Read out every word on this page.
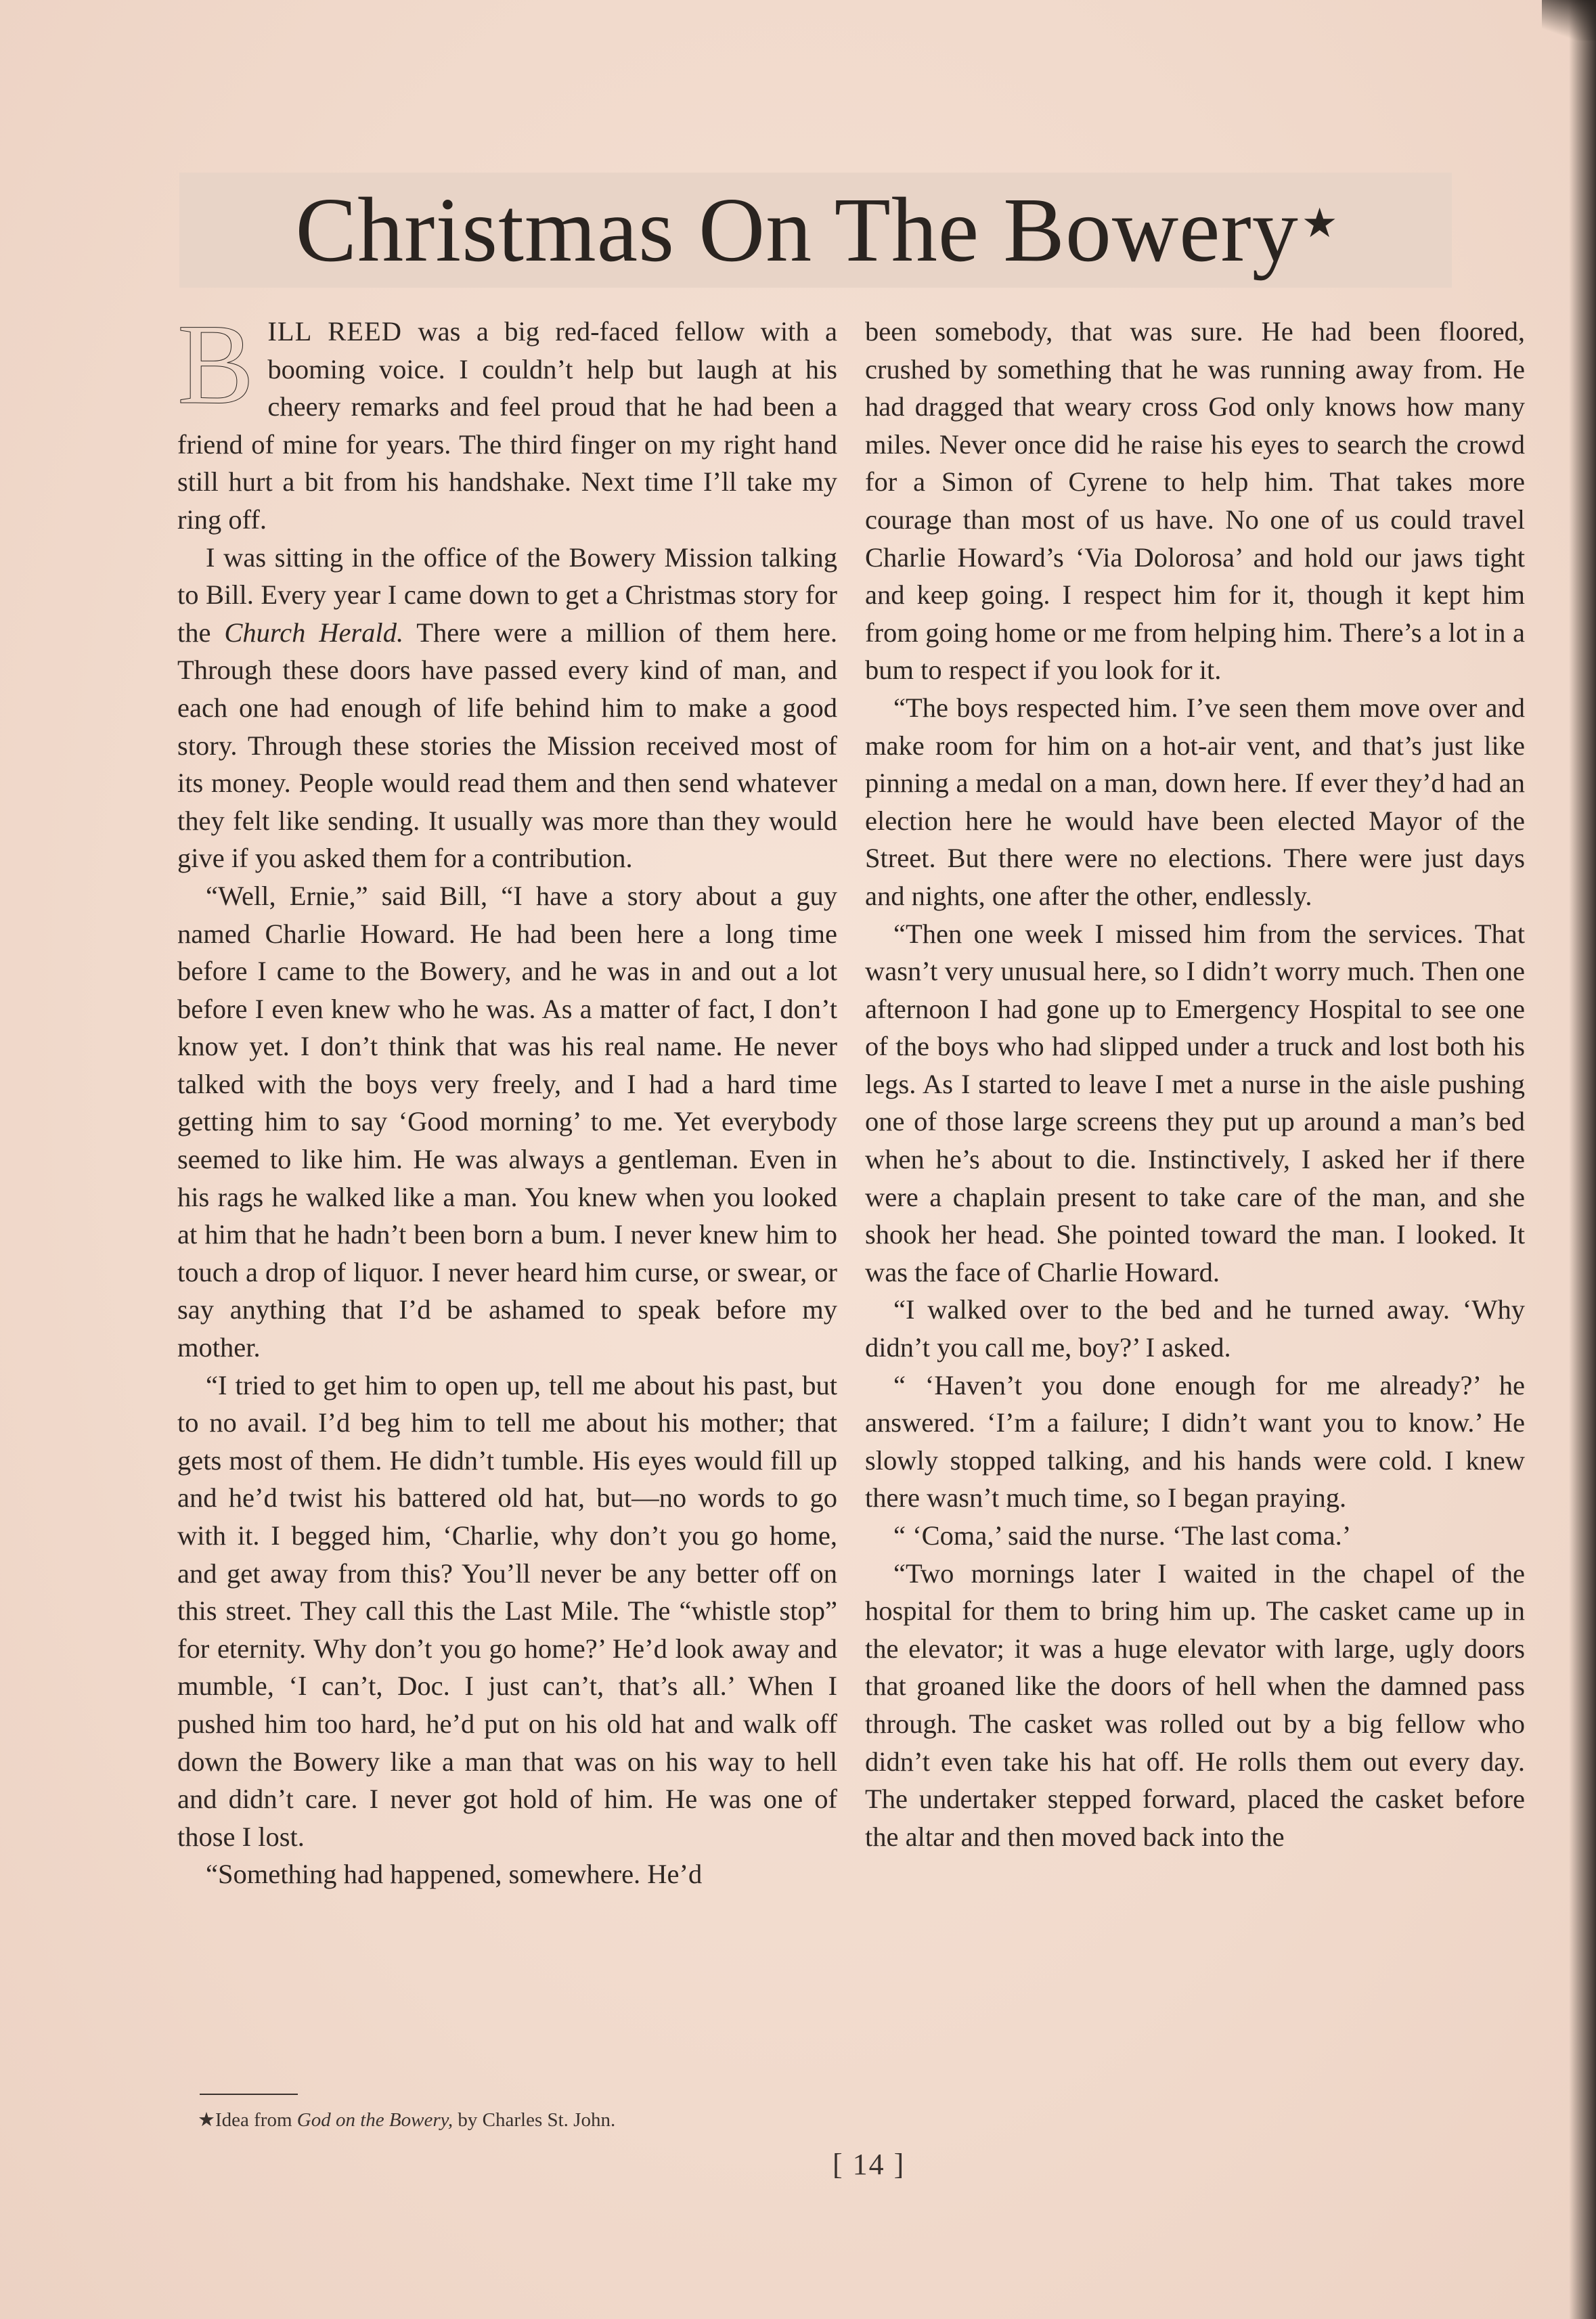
Christmas On The Bowery★

BILL REED was a big red-faced fellow with a booming voice. I couldn’t help but laugh at his cheery remarks and feel proud that he had been a friend of mine for years. The third finger on my right hand still hurt a bit from his handshake. Next time I’ll take my ring off.

I was sitting in the office of the Bowery Mission talking to Bill. Every year I came down to get a Christmas story for the Church Herald. There were a million of them here. Through these doors have passed every kind of man, and each one had enough of life behind him to make a good story. Through these stories the Mission received most of its money. People would read them and then send whatever they felt like sending. It usually was more than they would give if you asked them for a contribution.

“Well, Ernie,” said Bill, “I have a story about a guy named Charlie Howard. He had been here a long time before I came to the Bowery, and he was in and out a lot before I even knew who he was. As a matter of fact, I don’t know yet. I don’t think that was his real name. He never talked with the boys very freely, and I had a hard time getting him to say ‘Good morning’ to me. Yet everybody seemed to like him. He was always a gentleman. Even in his rags he walked like a man. You knew when you looked at him that he hadn’t been born a bum. I never knew him to touch a drop of liquor. I never heard him curse, or swear, or say anything that I’d be ashamed to speak before my mother.

“I tried to get him to open up, tell me about his past, but to no avail. I’d beg him to tell me about his mother; that gets most of them. He didn’t tumble. His eyes would fill up and he’d twist his battered old hat, but—no words to go with it. I begged him, ‘Charlie, why don’t you go home, and get away from this? You’ll never be any better off on this street. They call this the Last Mile. The “whistle stop” for eternity. Why don’t you go home?’ He’d look away and mumble, ‘I can’t, Doc. I just can’t, that’s all.’ When I pushed him too hard, he’d put on his old hat and walk off down the Bowery like a man that was on his way to hell and didn’t care. I never got hold of him. He was one of those I lost.

“Something had happened, somewhere. He’d

been somebody, that was sure. He had been floored, crushed by something that he was running away from. He had dragged that weary cross God only knows how many miles. Never once did he raise his eyes to search the crowd for a Simon of Cyrene to help him. That takes more courage than most of us have. No one of us could travel Charlie Howard’s ‘Via Dolorosa’ and hold our jaws tight and keep going. I respect him for it, though it kept him from going home or me from helping him. There’s a lot in a bum to respect if you look for it.

“The boys respected him. I’ve seen them move over and make room for him on a hot-air vent, and that’s just like pinning a medal on a man, down here. If ever they’d had an election here he would have been elected Mayor of the Street. But there were no elections. There were just days and nights, one after the other, endlessly.

“Then one week I missed him from the services. That wasn’t very unusual here, so I didn’t worry much. Then one afternoon I had gone up to Emergency Hospital to see one of the boys who had slipped under a truck and lost both his legs. As I started to leave I met a nurse in the aisle pushing one of those large screens they put up around a man’s bed when he’s about to die. Instinctively, I asked her if there were a chaplain present to take care of the man, and she shook her head. She pointed toward the man. I looked. It was the face of Charlie Howard.

“I walked over to the bed and he turned away. ‘Why didn’t you call me, boy?’ I asked.

“ ‘Haven’t you done enough for me already?’ he answered. ‘I’m a failure; I didn’t want you to know.’ He slowly stopped talking, and his hands were cold. I knew there wasn’t much time, so I began praying.

“ ‘Coma,’ said the nurse. ‘The last coma.’

“Two mornings later I waited in the chapel of the hospital for them to bring him up. The casket came up in the elevator; it was a huge elevator with large, ugly doors that groaned like the doors of hell when the damned pass through. The casket was rolled out by a big fellow who didn’t even take his hat off. He rolls them out every day. The undertaker stepped forward, placed the casket before the altar and then moved back into the

★Idea from God on the Bowery, by Charles St. John.
[ 14 ]
